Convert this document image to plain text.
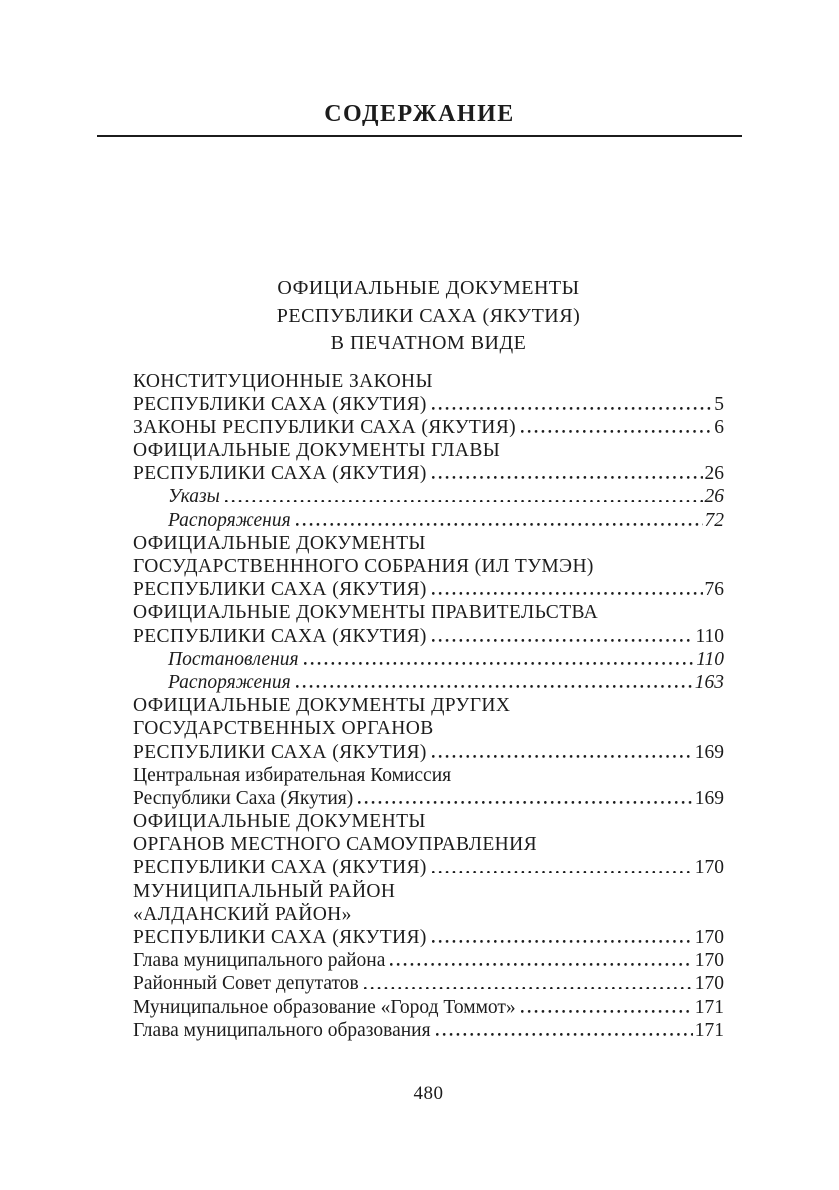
СОДЕРЖАНИЕ
ОФИЦИАЛЬНЫЕ ДОКУМЕНТЫ
РЕСПУБЛИКИ САХА (ЯКУТИЯ)
В ПЕЧАТНОМ ВИДЕ
КОНСТИТУЦИОННЫЕ ЗАКОНЫ
РЕСПУБЛИКИ САХА (ЯКУТИЯ)	5
ЗАКОНЫ РЕСПУБЛИКИ САХА (ЯКУТИЯ)	6
ОФИЦИАЛЬНЫЕ ДОКУМЕНТЫ ГЛАВЫ
РЕСПУБЛИКИ САХА (ЯКУТИЯ)	26
Указы	26
Распоряжения	72
ОФИЦИАЛЬНЫЕ ДОКУМЕНТЫ
ГОСУДАРСТВЕНННОГО СОБРАНИЯ (ИЛ ТУМЭН)
РЕСПУБЛИКИ САХА (ЯКУТИЯ)	76
ОФИЦИАЛЬНЫЕ ДОКУМЕНТЫ ПРАВИТЕЛЬСТВА
РЕСПУБЛИКИ САХА (ЯКУТИЯ)	110
Постановления	110
Распоряжения	163
ОФИЦИАЛЬНЫЕ ДОКУМЕНТЫ ДРУГИХ
ГОСУДАРСТВЕННЫХ ОРГАНОВ
РЕСПУБЛИКИ САХА (ЯКУТИЯ)	169
Центральная избирательная Комиссия
Республики Саха (Якутия)	169
ОФИЦИАЛЬНЫЕ ДОКУМЕНТЫ
ОРГАНОВ МЕСТНОГО САМОУПРАВЛЕНИЯ
РЕСПУБЛИКИ САХА (ЯКУТИЯ)	170
МУНИЦИПАЛЬНЫЙ РАЙОН
«АЛДАНСКИЙ РАЙОН»
РЕСПУБЛИКИ САХА (ЯКУТИЯ)	170
Глава муниципального района	170
Районный Совет депутатов	170
Муниципальное образование «Город Томмот»	171
Глава муниципального образования	171
480
